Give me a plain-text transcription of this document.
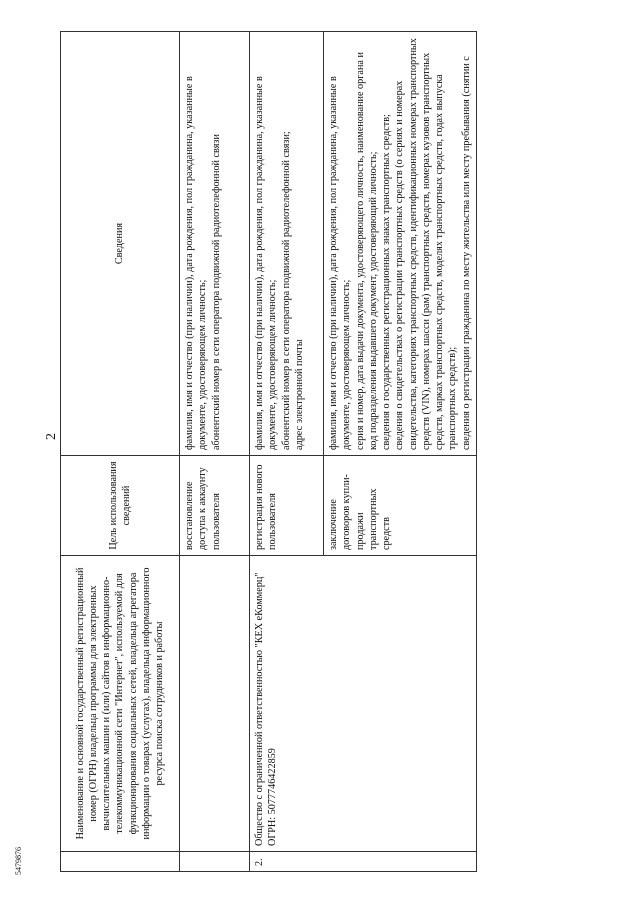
2
	Наименование и основной государственный регистрационный номер (ОГРН) владельца программы для электронных вычислительных машин и (или) сайтов в информационно-телекоммуникационной сети "Интернет", используемой для функционирования социальных сетей, владельца агрегатора информации о товарах (услугах), владельца информационного ресурса поиска сотрудников и работы	Цель использования сведений	Сведения
		восстановление доступа к аккаунту пользователя	фамилия, имя и отчество (при наличии), дата рождения, пол гражданина, указанные в документе, удостоверяющем личность;
абонентский номер в сети оператора подвижной радиотелефонной связи
2.	Общество с ограниченной ответственностью "КЕХ еКоммерц"
ОГРН: 5077746422859	регистрация нового пользователя	фамилия, имя и отчество (при наличии), дата рождения, пол гражданина, указанные в документе, удостоверяющем личность;
абонентский номер в сети оператора подвижной радиотелефонной связи;
адрес электронной почты
		заключение договоров купли-продажи транспортных средств	фамилия, имя и отчество (при наличии), дата рождения, пол гражданина, указанные в документе, удостоверяющем личность;
серия и номер, дата выдачи документа, удостоверяющего личность, наименование органа и код подразделения выдавшего документ, удостоверяющий личность;
сведения о государственных регистрационных знаках транспортных средств;
сведения о свидетельствах о регистрации транспортных средств (о сериях и номерах свидетельства, категориях транспортных средств, идентификационных номерах транспортных средств (VIN), номерах шасси (рам) транспортных средств, номерах кузовов транспортных средств, марках транспортных средств, моделях транспортных средств, годах выпуска транспортных средств);
сведения о регистрации гражданина по месту жительства или месту пребывания (снятии с
5479876
